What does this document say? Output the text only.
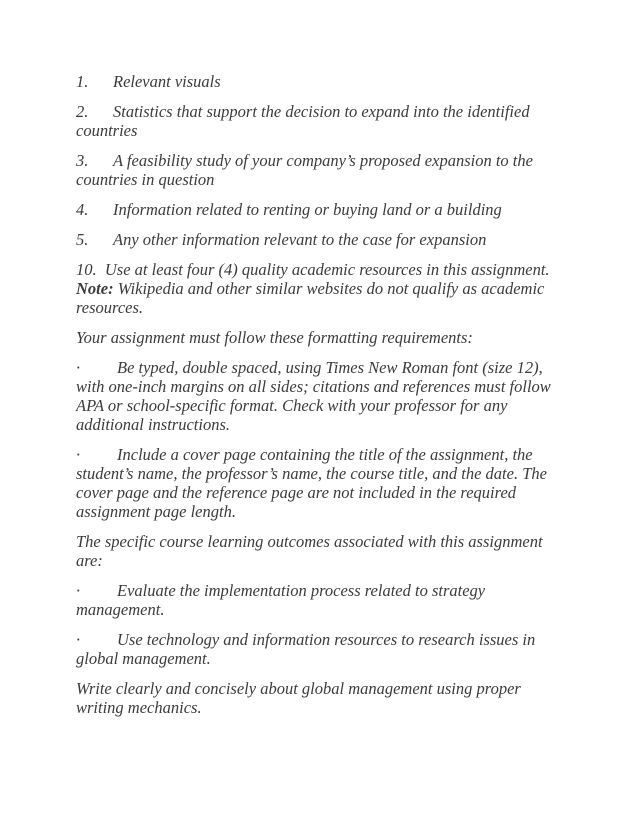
1. Relevant visuals

2. Statistics that support the decision to expand into the identified countries

3. A feasibility study of your company’s proposed expansion to the countries in question

4. Information related to renting or buying land or a building

5. Any other information relevant to the case for expansion

10. Use at least four (4) quality academic resources in this assignment. Note: Wikipedia and other similar websites do not qualify as academic resources.

Your assignment must follow these formatting requirements:

· Be typed, double spaced, using Times New Roman font (size 12), with one-inch margins on all sides; citations and references must follow APA or school-specific format. Check with your professor for any additional instructions.

· Include a cover page containing the title of the assignment, the student’s name, the professor’s name, the course title, and the date. The cover page and the reference page are not included in the required assignment page length.

The specific course learning outcomes associated with this assignment are:

· Evaluate the implementation process related to strategy management.

· Use technology and information resources to research issues in global management.

Write clearly and concisely about global management using proper writing mechanics.
